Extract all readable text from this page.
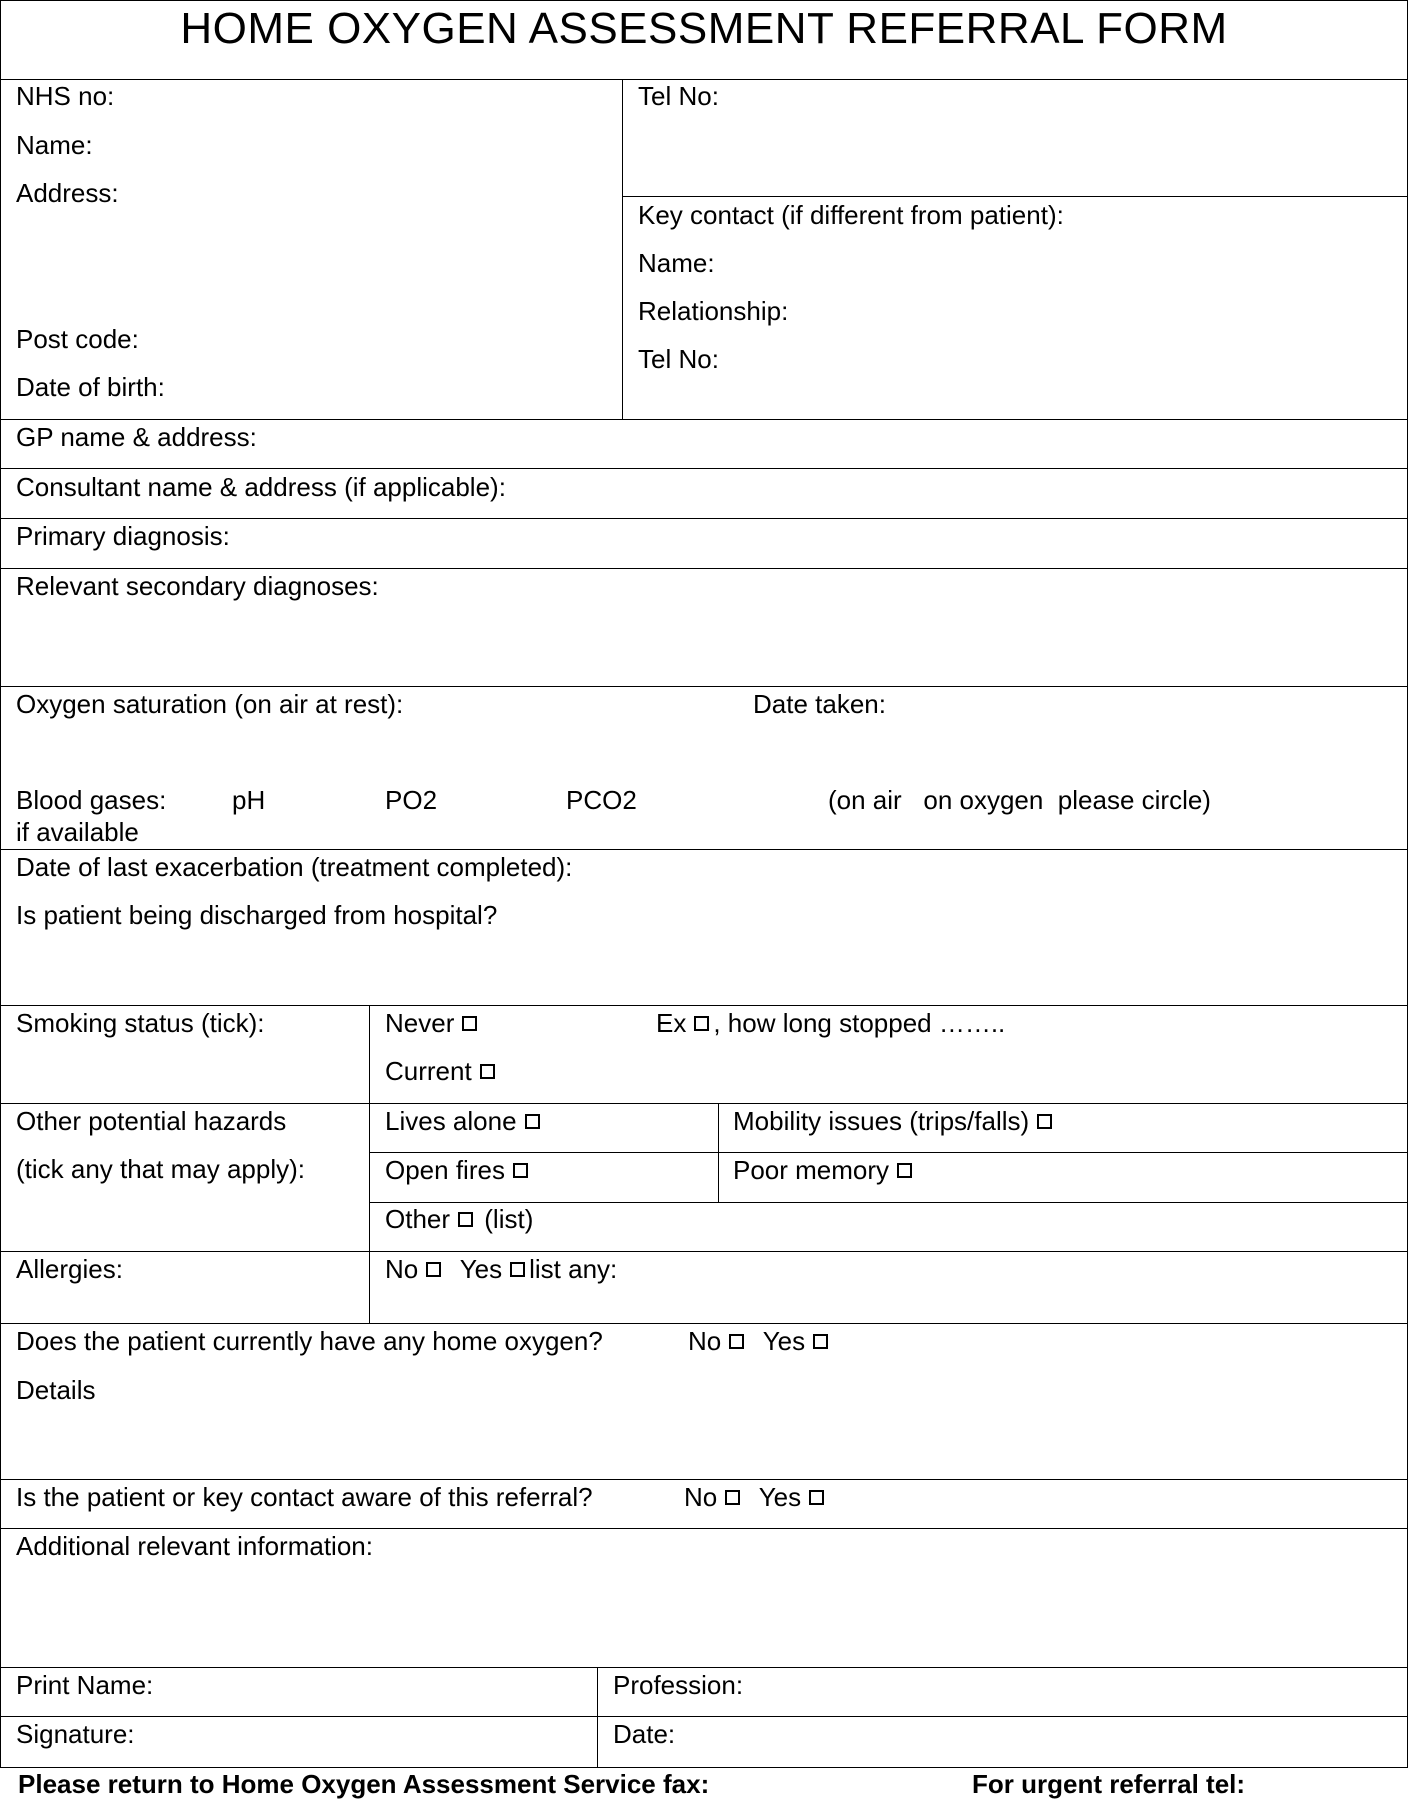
HOME OXYGEN ASSESSMENT REFERRAL FORM
NHS no:
Name:
Address:
Post code:
Date of birth:
Tel No:
Key contact (if different from patient):
Name:
Relationship:
Tel No:
GP name & address:
Consultant name & address (if applicable):
Primary diagnosis:
Relevant secondary diagnoses:
Oxygen saturation (on air at rest):	Date taken:
Blood gases:
if available
pH	PO2	PCO2	(on air   on oxygen  please circle)
Date of last exacerbation (treatment completed):
Is patient being discharged from hospital?
Smoking status (tick):	Never	Ex , how long stopped ……..
Current
Other potential hazards
(tick any that may apply):
Lives alone	Mobility issues (trips/falls)
Open fires	Poor memory
Other (list)
Allergies:	No Yes list any:
Does the patient currently have any home oxygen?	No Yes
Details
Is the patient or key contact aware of this referral?	No Yes
Additional relevant information:
Print Name:	Profession:
Signature:	Date:
Please return to Home Oxygen Assessment Service fax:	For urgent referral tel:
